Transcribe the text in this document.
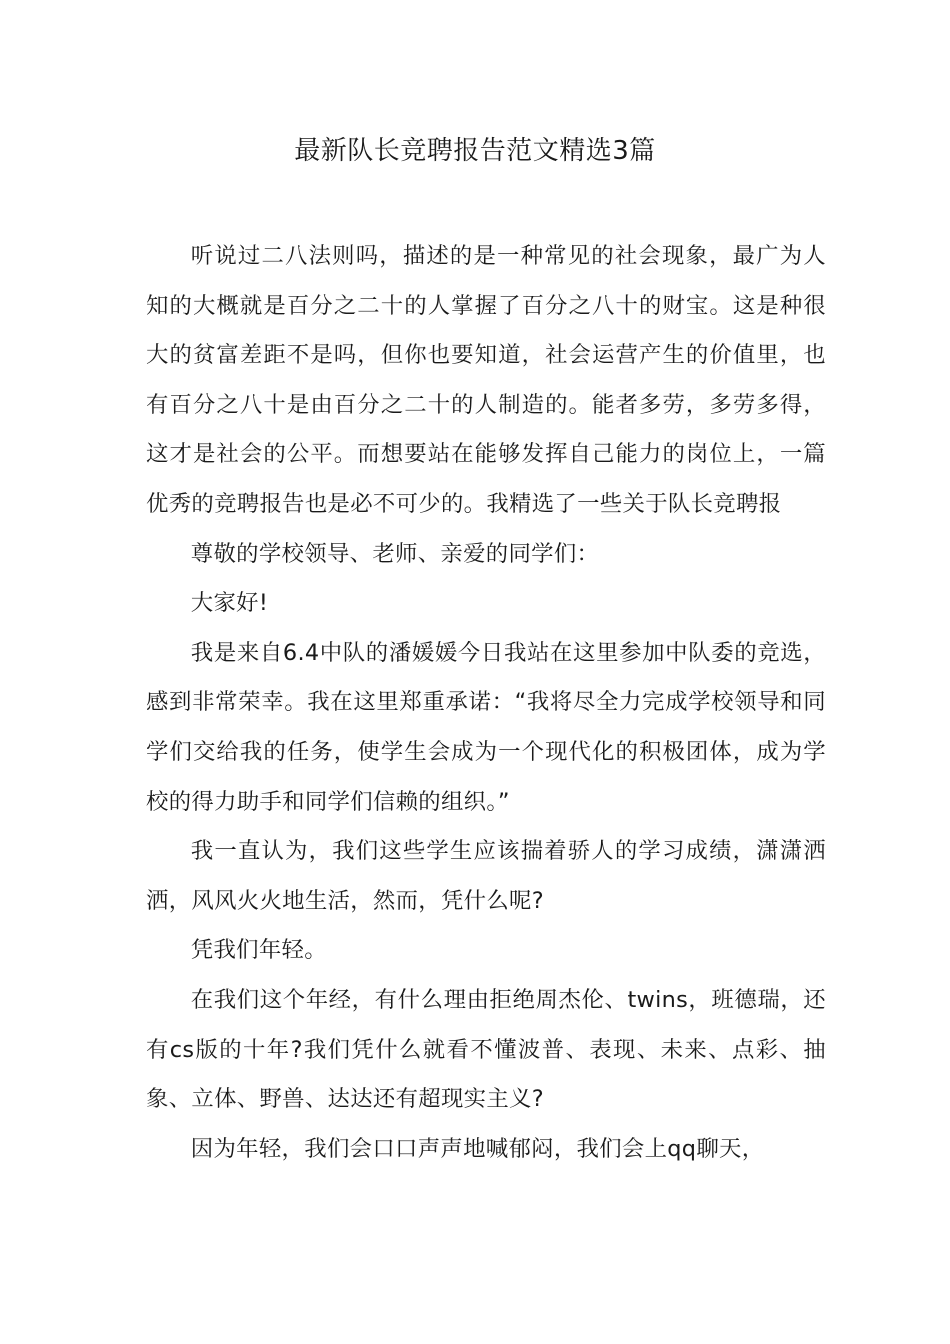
最新队长竞聘报告范文精选3篇

听说过二八法则吗，描述的是一种常见的社会现象，最广为人知的大概就是百分之二十的人掌握了百分之八十的财宝。这是种很大的贫富差距不是吗，但你也要知道，社会运营产生的价值里，也有百分之八十是由百分之二十的人制造的。能者多劳，多劳多得，这才是社会的公平。而想要站在能够发挥自己能力的岗位上，一篇优秀的竞聘报告也是必不可少的。我精选了一些关于队长竞聘报

尊敬的学校领导、老师、亲爱的同学们：

大家好!

我是来自6.4中队的潘媛媛今日我站在这里参加中队委的竞选，感到非常荣幸。我在这里郑重承诺：“我将尽全力完成学校领导和同学们交给我的任务，使学生会成为一个现代化的积极团体，成为学校的得力助手和同学们信赖的组织。”

我一直认为，我们这些学生应该揣着骄人的学习成绩，潇潇洒洒，风风火火地生活，然而，凭什么呢?

凭我们年轻。

在我们这个年经，有什么理由拒绝周杰伦、twins，班德瑞，还有cs版的十年?我们凭什么就看不懂波普、表现、未来、点彩、抽象、立体、野兽、达达还有超现实主义?

因为年轻，我们会口口声声地喊郁闷，我们会上qq聊天，
